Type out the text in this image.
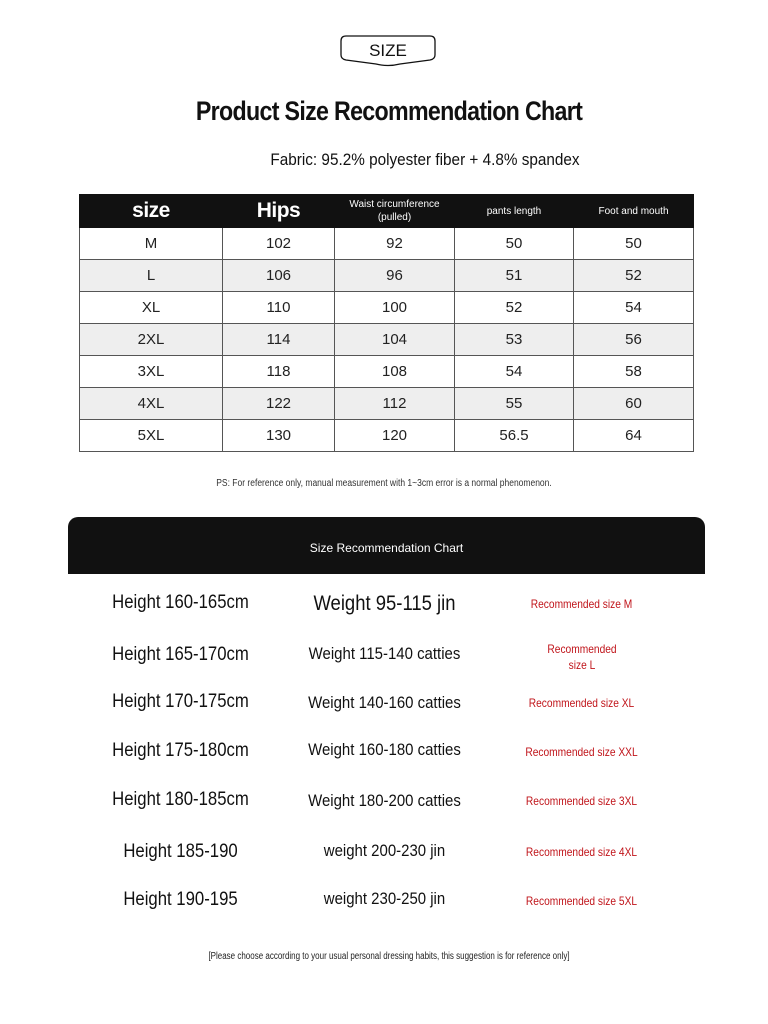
SIZE
Product Size Recommendation Chart
Fabric: 95.2% polyester fiber + 4.8% spandex
size	Hips	Waist circumference (pulled)	pants length	Foot and mouth
M	102	92	50	50
L	106	96	51	52
XL	110	100	52	54
2XL	114	104	53	56
3XL	118	108	54	58
4XL	122	112	55	60
5XL	130	120	56.5	64
PS: For reference only, manual measurement with 1~3cm error is a normal phenomenon.
Size Recommendation Chart
Height 160-165cm	Weight 95-115 jin	Recommended size M
Height 165-170cm	Weight 115-140 catties	Recommended size L
Height 170-175cm	Weight 140-160 catties	Recommended size XL
Height 175-180cm	Weight 160-180 catties	Recommended size XXL
Height 180-185cm	Weight 180-200 catties	Recommended size 3XL
Height 185-190	weight 200-230 jin	Recommended size 4XL
Height 190-195	weight 230-250 jin	Recommended size 5XL
[Please choose according to your usual personal dressing habits, this suggestion is for reference only]
